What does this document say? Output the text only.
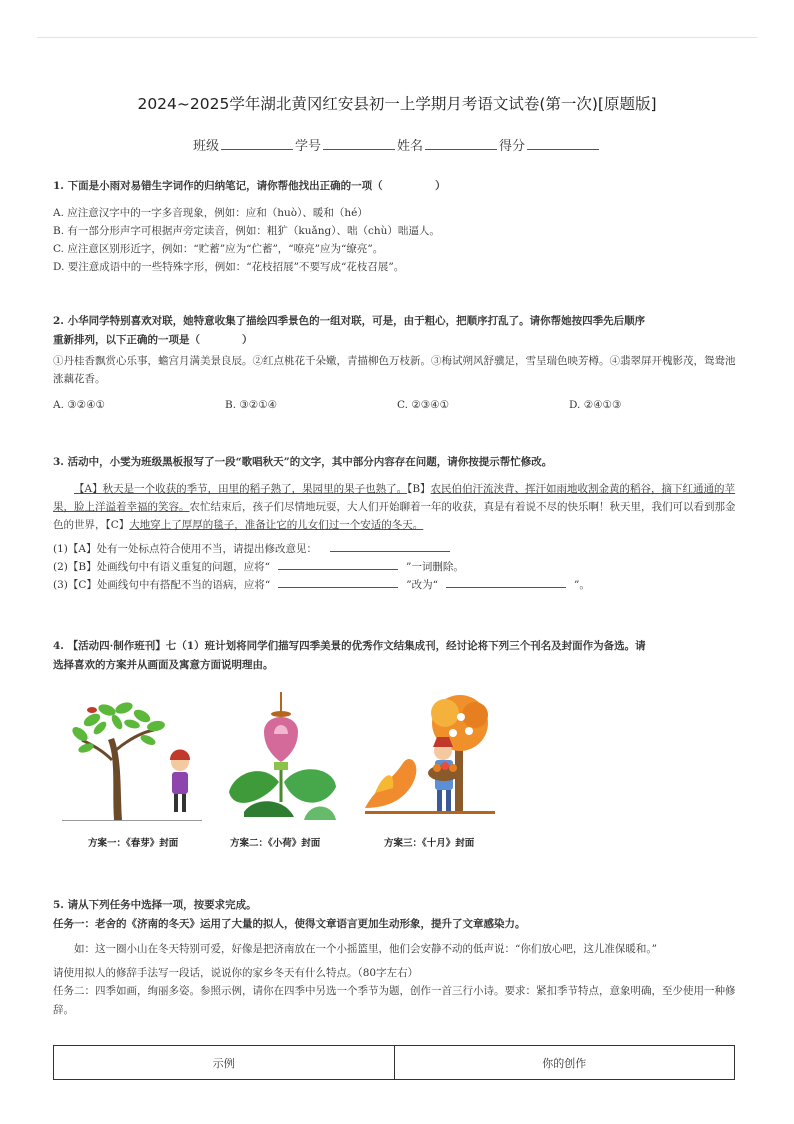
2024~2025学年湖北黄冈红安县初一上学期月考语文试卷(第一次)[原题版]
班级	学号	姓名	得分
1. 下面是小雨对易错生字词作的归纳笔记，请你帮他找出正确的一项（　　　　　）
A. 应注意汉字中的一字多音现象，例如：应和（huò）、暖和（hé）
B. 有一部分形声字可根据声旁定读音，例如：粗犷（kuǎng）、咄（chù）咄逼人。
C. 应注意区别形近字，例如：“贮蓄”应为“伫蓄”，“嘹亮”应为“缭亮”。
D. 要注意成语中的一些特殊字形，例如：“花枝招展”不要写成“花枝召展”。
2. 小华同学特别喜欢对联，她特意收集了描绘四季景色的一组对联，可是，由于粗心，把顺序打乱了。请你帮她按四季先后顺序
重新排列，以下正确的一项是（　　　　）
①丹桂香飘赏心乐事，蟾宫月满美景良辰。②红点桃花千朵嫩，青描柳色万枝新。③梅试朔风舒骥足，雪呈瑞色映芳樽。④翡翠屏开槐影茂，鸳鸯池涨藕花香。
A. ③②④①	B. ③②①④	C. ②③④①	D. ②④①③
3. 活动中，小雯为班级黑板报写了一段“歌唱秋天”的文字，其中部分内容存在问题，请你按提示帮忙修改。
【A】秋天是一个收获的季节，田里的稻子熟了，果园里的果子也熟了。【B】农民伯伯汗流浃背、挥汗如雨地收割金黄的稻谷，摘下红通通的苹果，脸上洋溢着幸福的笑容。农忙结束后，孩子们尽情地玩耍，大人们开始聊着一年的收获，真是有着说不尽的快乐啊！秋天里，我们可以看到那金色的世界，【C】大地穿上了厚厚的毯子，准备让它的儿女们过一个安适的冬天。
(1)【A】处有一处标点符合使用不当，请提出修改意见：
(2)【B】处画线句中有语义重复的问题，应将“	”一词删除。
(3)【C】处画线句中有搭配不当的语病，应将“	”改为“	”。
4. 【活动四·制作班刊】七（1）班计划将同学们描写四季美景的优秀作文结集成刊，经讨论将下列三个刊名及封面作为备选。请
选择喜欢的方案并从画面及寓意方面说明理由。
方案一：《春芽》封面	方案二：《小荷》封面	方案三：《十月》封面
5. 请从下列任务中选择一项，按要求完成。
任务一：老舍的《济南的冬天》运用了大量的拟人，使得文章语言更加生动形象，提升了文章感染力。
如：这一圈小山在冬天特别可爱，好像是把济南放在一个小摇篮里，他们会安静不动的低声说：“你们放心吧，这儿准保暖和。”
请使用拟人的修辞手法写一段话，说说你的家乡冬天有什么特点。（80字左右）
任务二：四季如画，绚丽多姿。参照示例，请你在四季中另选一个季节为题，创作一首三行小诗。要求：紧扣季节特点，意象明确，至少使用一种修辞。
示例	你的创作
